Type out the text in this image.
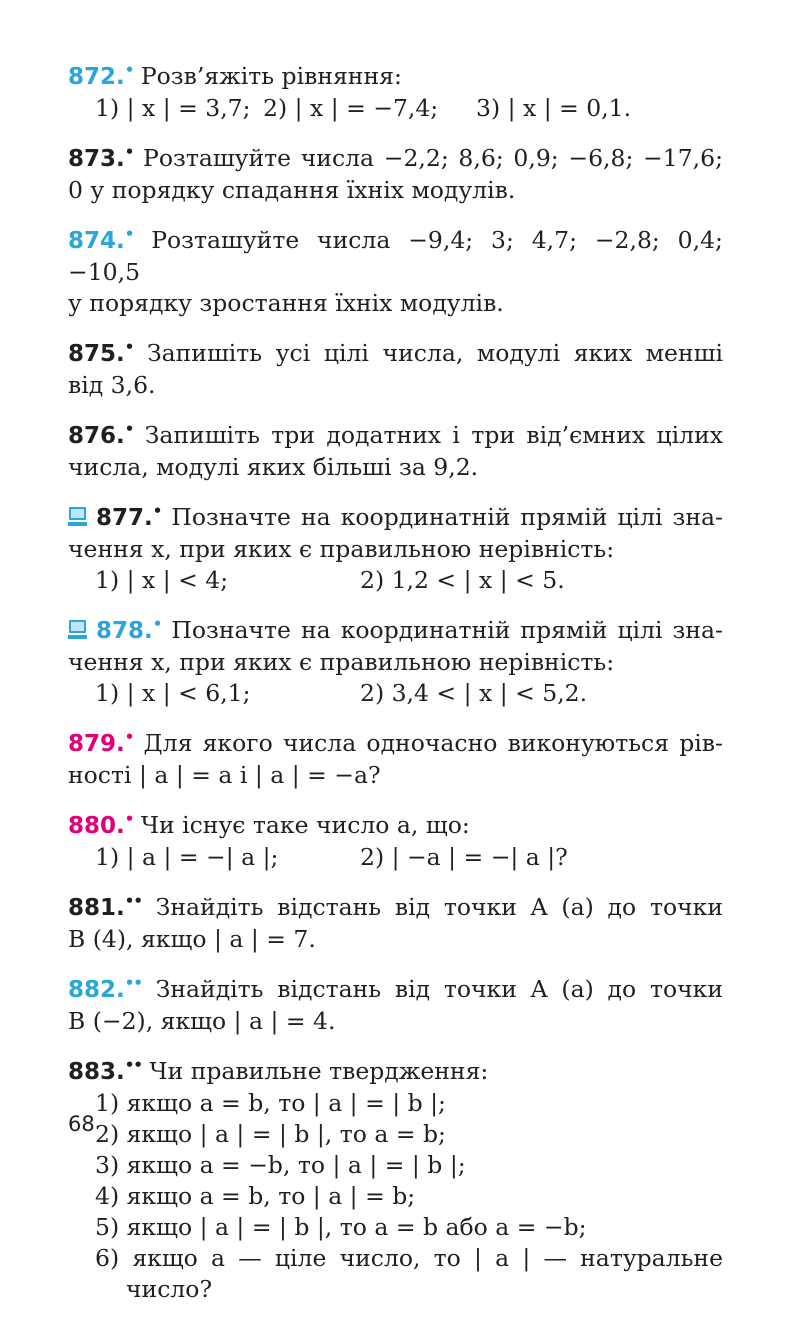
872.• Розв’яжіть рівняння:
1) | x | = 3,7; 2) | x | = −7,4; 3) | x | = 0,1.
873.• Розташуйте числа −2,2; 8,6; 0,9; −6,8; −17,6;
0 у порядку спадання їхніх модулів.
874.• Розташуйте числа −9,4; 3; 4,7; −2,8; 0,4; −10,5
у порядку зростання їхніх модулів.
875.• Запишіть усі цілі числа, модулі яких менші
від 3,6.
876.• Запишіть три додатних і три від’ємних цілих
числа, модулі яких більші за 9,2.
877.• Позначте на координатній прямій цілі зна-
чення x, при яких є правильною нерівність:
1) | x | < 4;	2) 1,2 < | x | < 5.
878.• Позначте на координатній прямій цілі зна-
чення x, при яких є правильною нерівність:
1) | x | < 6,1;	2) 3,4 < | x | < 5,2.
879.• Для якого числа одночасно виконуються рів-
ності | a | = a і | a | = −a?
880.• Чи існує таке число a, що:
1) | a | = −| a |;	2) | −a | = −| a |?
881.•• Знайдіть відстань від точки A (a) до точки
B (4), якщо | a | = 7.
882.•• Знайдіть відстань від точки A (a) до точки
B (−2), якщо | a | = 4.
883.•• Чи правильне твердження:
1) якщо a = b, то | a | = | b |;
2) якщо | a | = | b |, то a = b;
3) якщо a = −b, то | a | = | b |;
4) якщо a = b, то | a | = b;
5) якщо | a | = | b |, то a = b або a = −b;
6) якщо a — ціле число, то | a | — натуральне
число?
68
